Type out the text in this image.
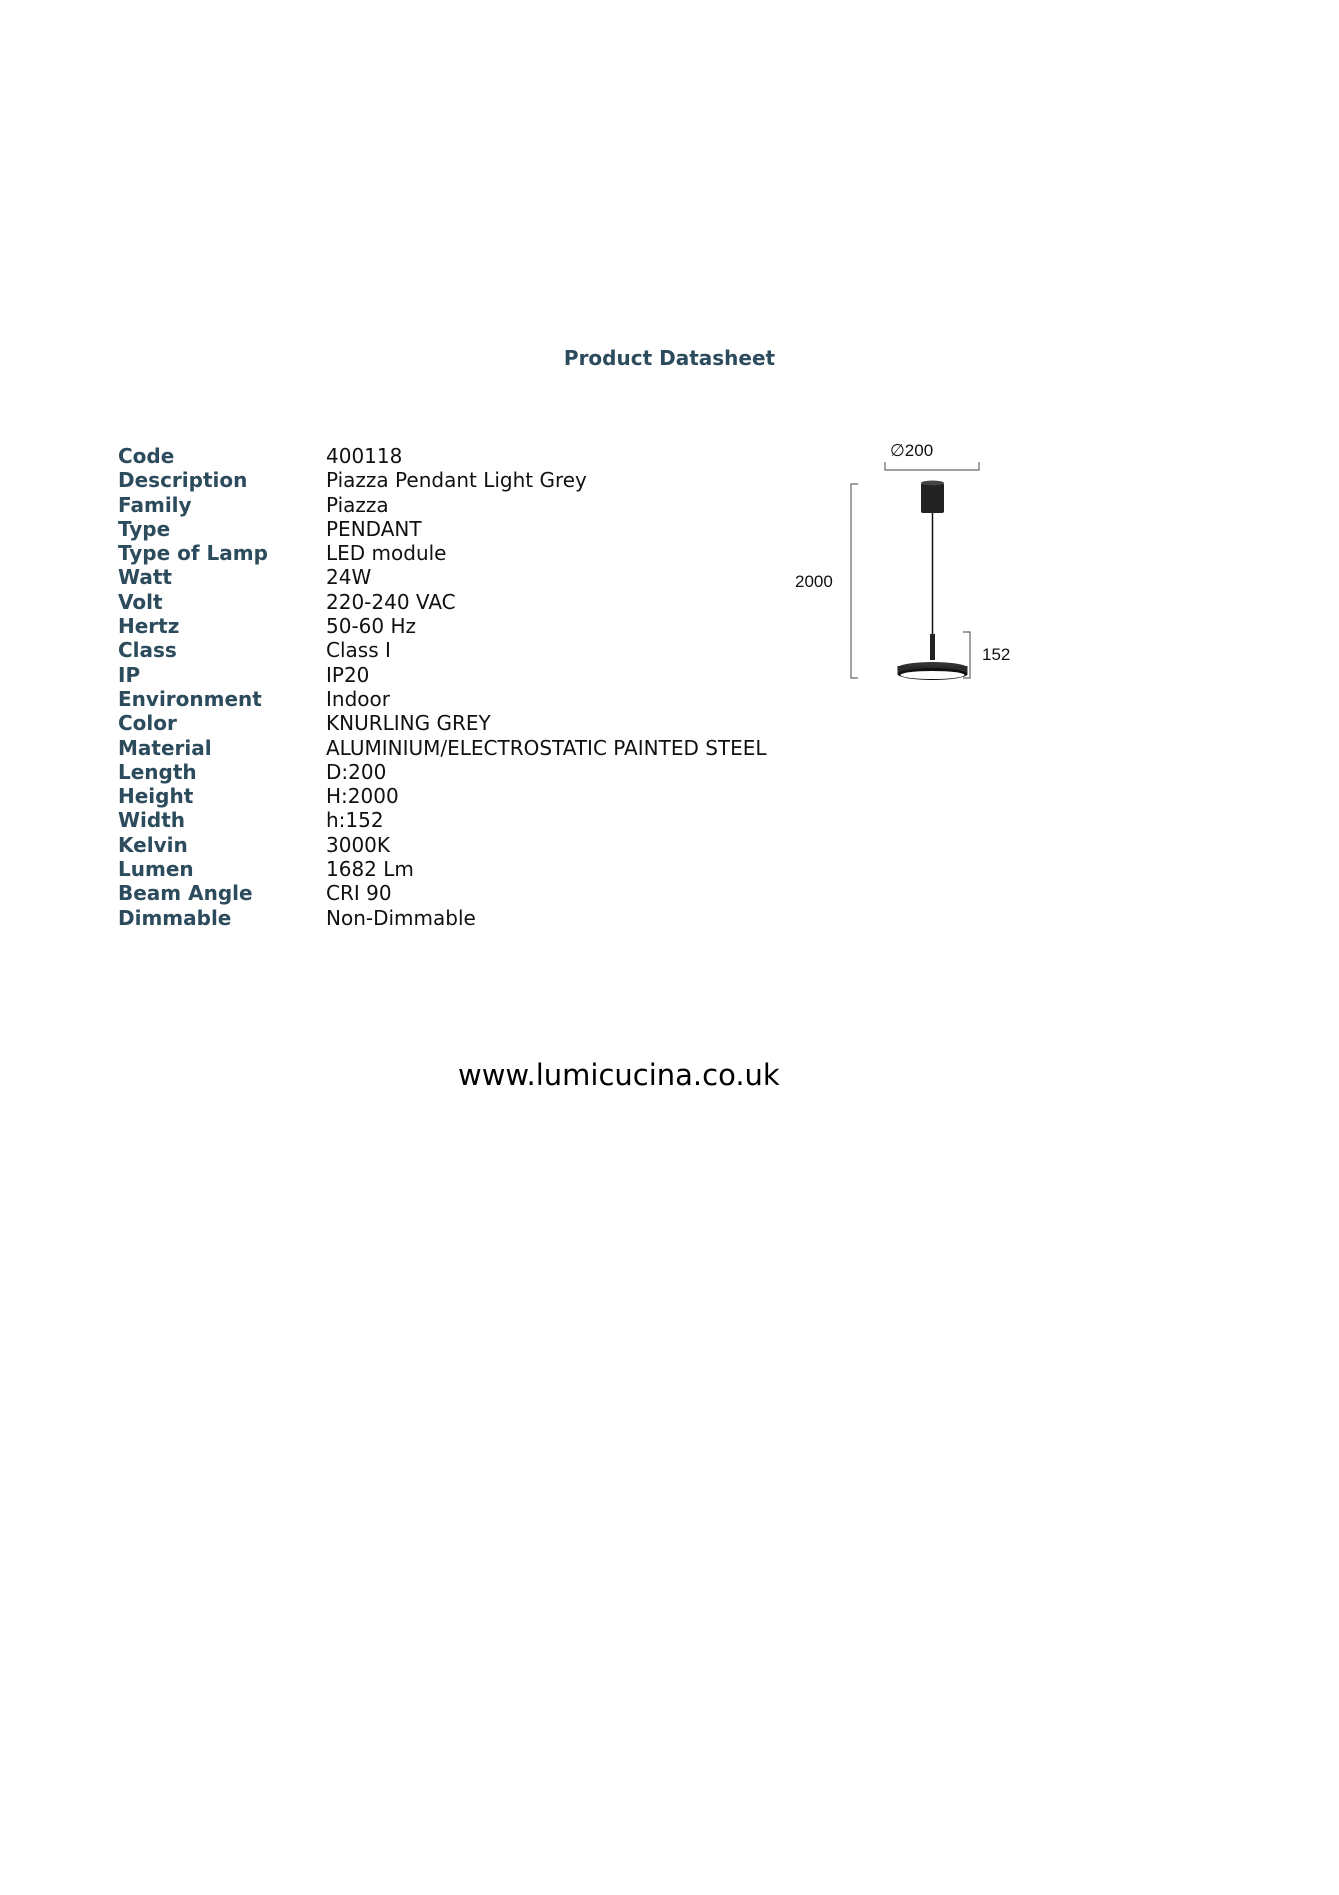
Product Datasheet
Code	400118
Description	Piazza Pendant Light Grey
Family	Piazza
Type	PENDANT
Type of Lamp	LED module
Watt	24W
Volt	220-240 VAC
Hertz	50-60 Hz
Class	Class I
IP	IP20
Environment	Indoor
Color	KNURLING GREY
Material	ALUMINIUM/ELECTROSTATIC PAINTED STEEL
Length	D:200
Height	H:2000
Width	h:152
Kelvin	3000K
Lumen	1682 Lm
Beam Angle	CRI 90
Dimmable	Non-Dimmable
∅200
2000
152

www.lumicucina.co.uk
